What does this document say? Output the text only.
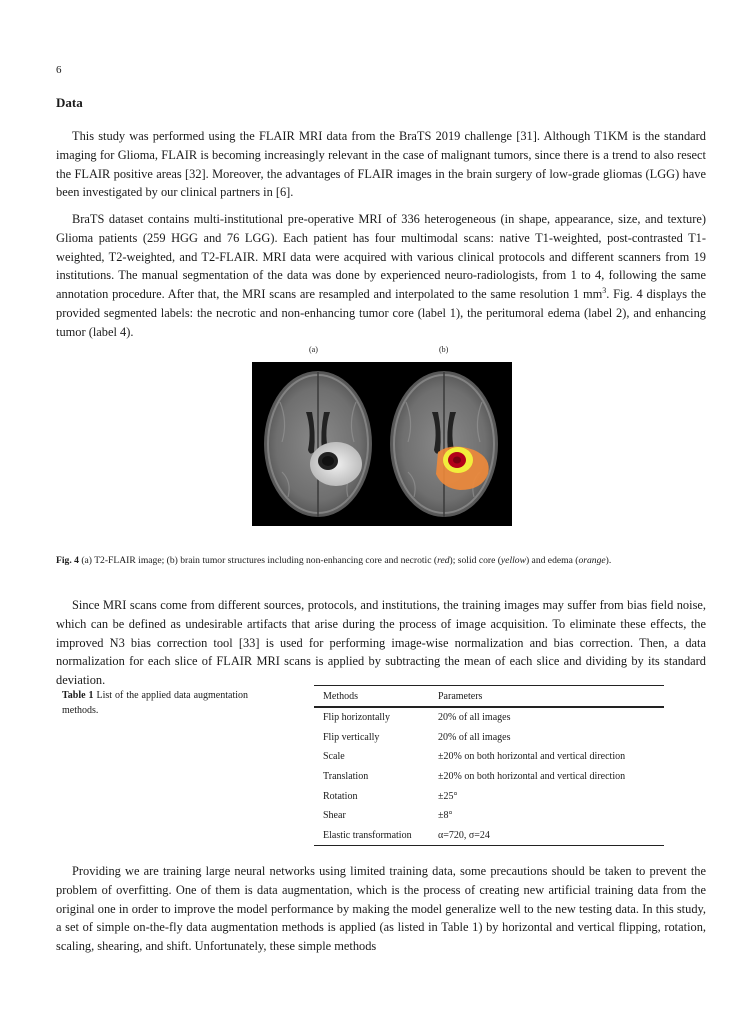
6
Data

This study was performed using the FLAIR MRI data from the BraTS 2019 challenge [31]. Although T1KM is the standard imaging for Glioma, FLAIR is becoming increasingly relevant in the case of malignant tumors, since there is a trend to also resect the FLAIR positive areas [32]. Moreover, the advantages of FLAIR images in the brain surgery of low-grade gliomas (LGG) have been investigated by our clinical partners in [6].

BraTS dataset contains multi-institutional pre-operative MRI of 336 heterogeneous (in shape, appearance, size, and texture) Glioma patients (259 HGG and 76 LGG). Each patient has four multimodal scans: native T1-weighted, post-contrasted T1-weighted, T2-weighted, and T2-FLAIR. MRI data were acquired with various clinical protocols and different scanners from 19 institutions. The manual segmentation of the data was done by experienced neuro-radiologists, from 1 to 4, following the same annotation procedure. After that, the MRI scans are resampled and interpolated to the same resolution 1 $mm^3$. Fig. 4 displays the provided segmented labels: the necrotic and non-enhancing tumor core (label 1), the peritumoral edema (label 2), and enhancing tumor (label 4).

(a)	(b)
Fig. 4 (a) T2-FLAIR image; (b) brain tumor structures including non-enhancing core and necrotic (red); solid core (yellow) and edema (orange).

Since MRI scans come from different sources, protocols, and institutions, the training images may suffer from bias field noise, which can be defined as undesirable artifacts that arise during the process of image acquisition. To eliminate these effects, the improved N3 bias correction tool [33] is used for performing image-wise normalization and bias correction. Then, a data normalization for each slice of FLAIR MRI scans is applied by subtracting the mean of each slice and dividing by its standard deviation.

Table 1 List of the applied data augmentation methods.
Methods	Parameters
Flip horizontally	20% of all images
Flip vertically	20% of all images
Scale	±20% on both horizontal and vertical direction
Translation	±20% on both horizontal and vertical direction
Rotation	±25°
Shear	±8°
Elastic transformation	α=720, σ=24

Providing we are training large neural networks using limited training data, some precautions should be taken to prevent the problem of overfitting. One of them is data augmentation, which is the process of creating new artificial training data from the original one in order to improve the model performance by making the model generalize well to the new testing data. In this study, a set of simple on-the-fly data augmentation methods is applied (as listed in Table 1) by horizontal and vertical flipping, rotation, scaling, shearing, and shift. Unfortunately, these simple methods
